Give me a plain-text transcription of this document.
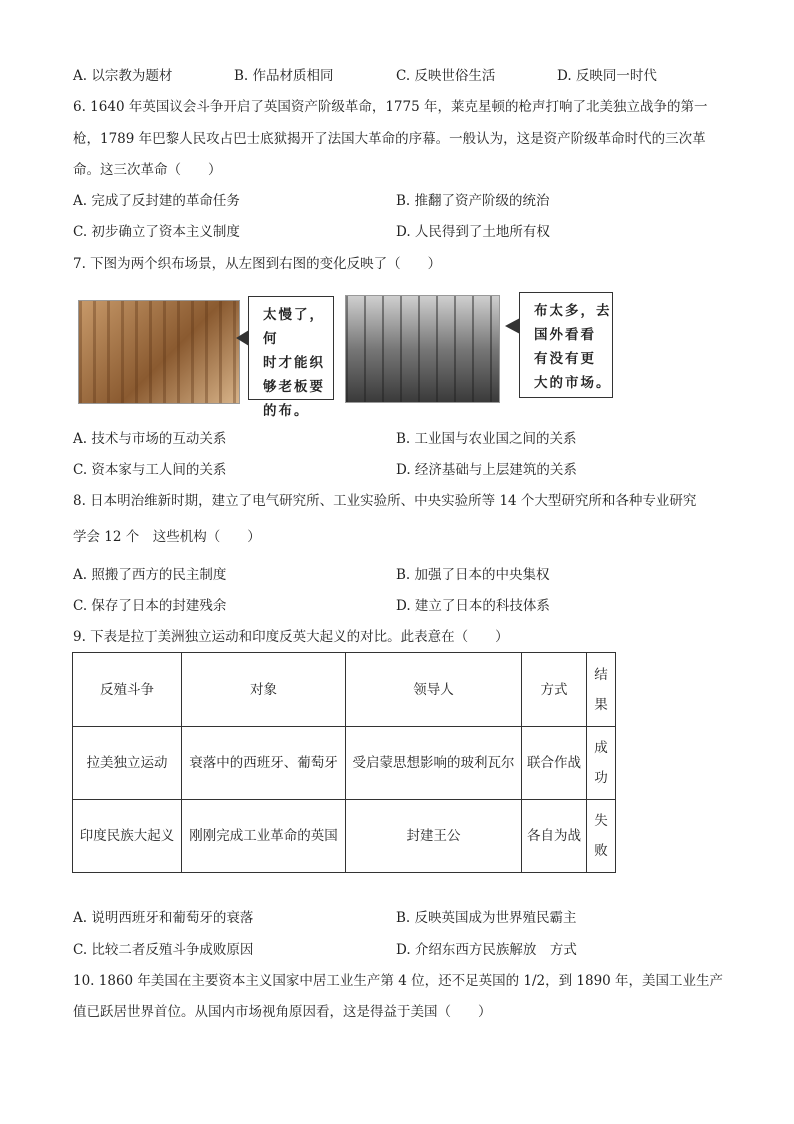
A. 以宗教为题材	B. 作品材质相同	C. 反映世俗生活	D. 反映同一时代
6. 1640 年英国议会斗争开启了英国资产阶级革命，1775 年，莱克星顿的枪声打响了北美独立战争的第一
枪，1789 年巴黎人民攻占巴士底狱揭开了法国大革命的序幕。一般认为，这是资产阶级革命时代的三次革
命。这三次革命（　　）
A. 完成了反封建的革命任务	B. 推翻了资产阶级的统治
C. 初步确立了资本主义制度	D. 人民得到了土地所有权
7. 下图为两个织布场景，从左图到右图的变化反映了（　　）
太慢了，何
时才能织
够老板要
的布。
布太多，去
国外看看
有没有更
大的市场。
A. 技术与市场的互动关系	B. 工业国与农业国之间的关系
C. 资本家与工人间的关系	D. 经济基础与上层建筑的关系
8. 日本明治维新时期，建立了电气研究所、工业实验所、中央实验所等 14 个大型研究所和各种专业研究
学会 12 个　这些机构（　　）
A. 照搬了西方的民主制度	B. 加强了日本的中央集权
C. 保存了日本的封建残余	D. 建立了日本的科技体系
9. 下表是拉丁美洲独立运动和印度反英大起义的对比。此表意在（　　）
反殖斗争	对象	领导人	方式	结果
拉美独立运动	衰落中的西班牙、葡萄牙	受启蒙思想影响的玻利瓦尔	联合作战	成功
印度民族大起义	刚刚完成工业革命的英国	封建王公	各自为战	失败
A. 说明西班牙和葡萄牙的衰落	B. 反映英国成为世界殖民霸主
C. 比较二者反殖斗争成败原因	D. 介绍东西方民族解放　方式
10. 1860 年美国在主要资本主义国家中居工业生产第 4 位，还不足英国的 1/2，到 1890 年，美国工业生产
值已跃居世界首位。从国内市场视角原因看，这是得益于美国（　　）
